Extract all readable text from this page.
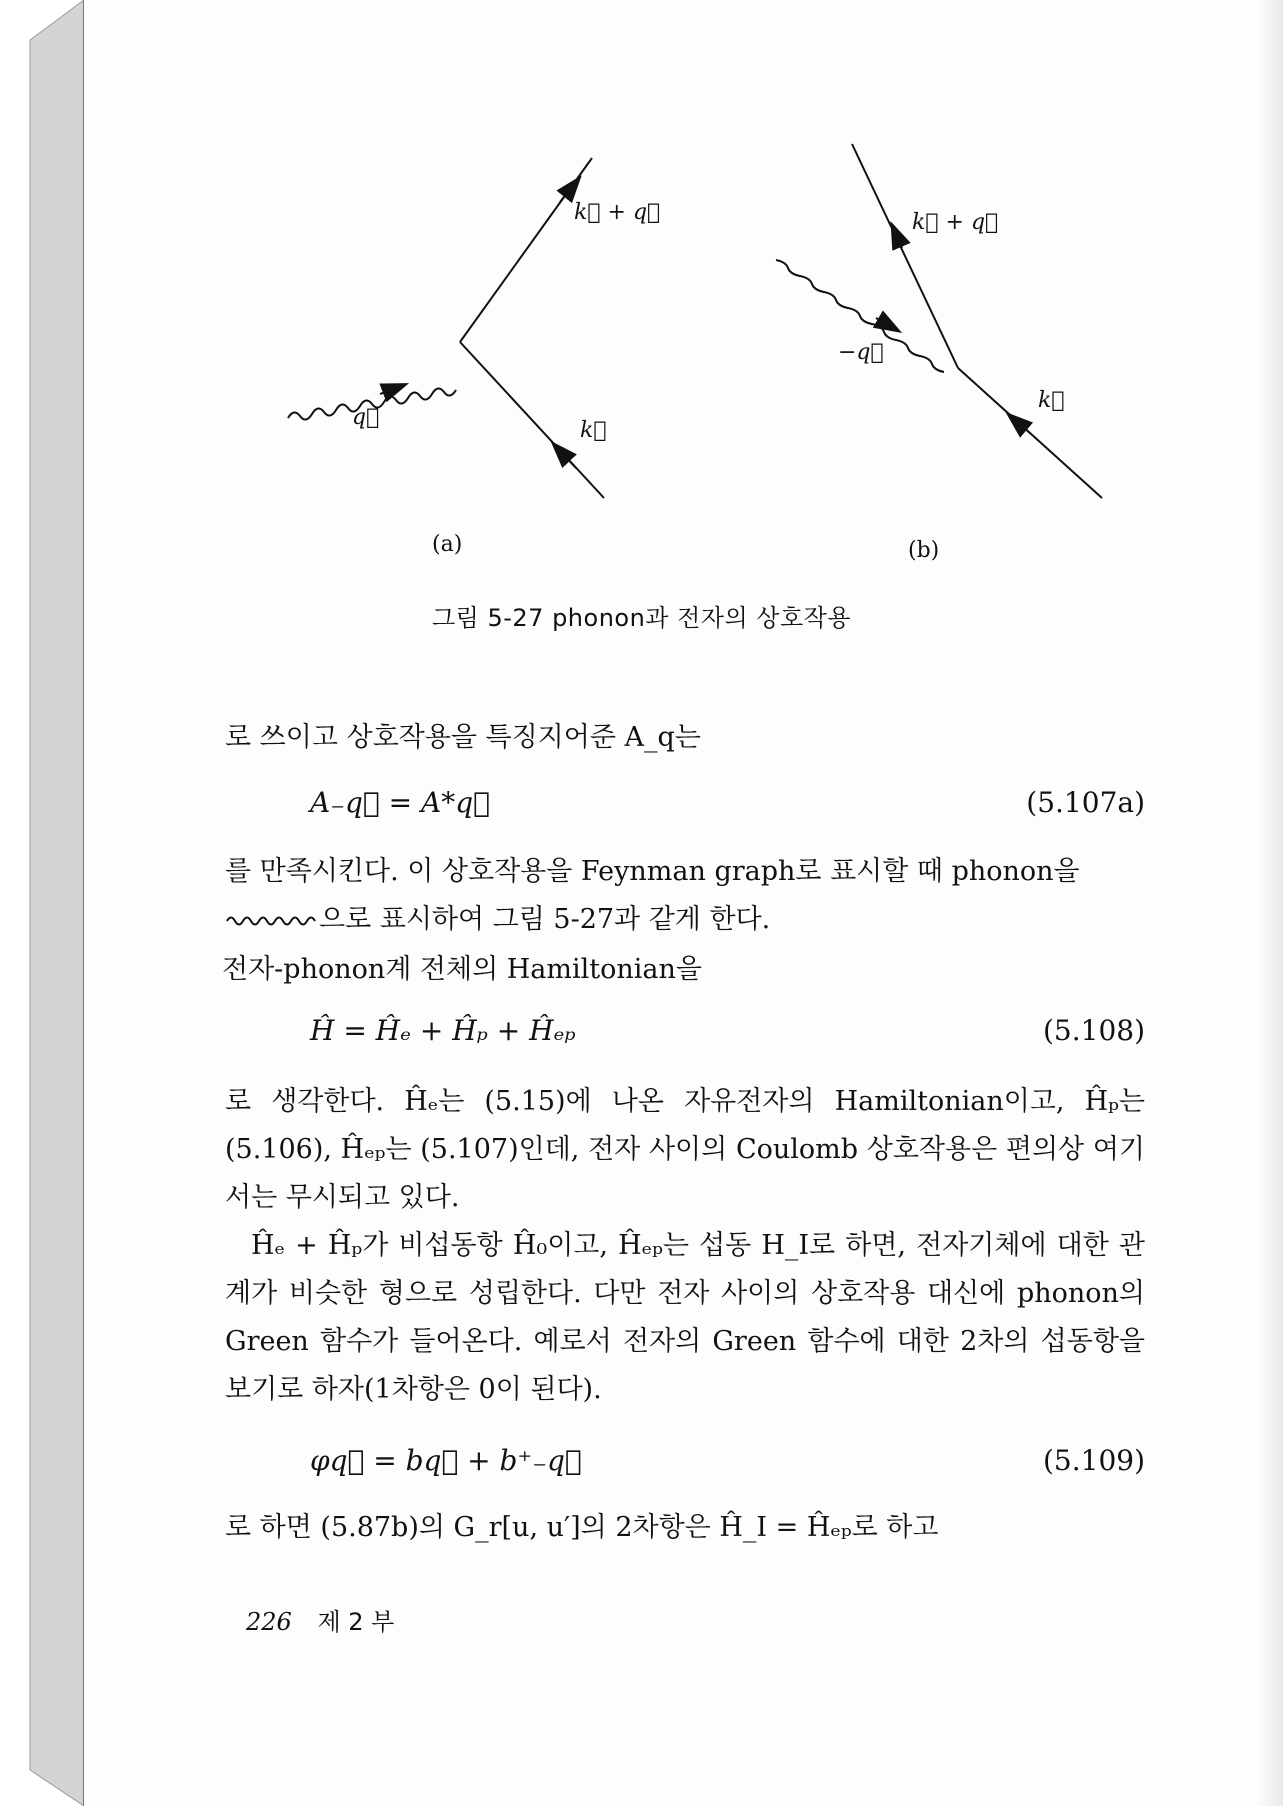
k⃗ + q⃗
q⃗
k⃗
(a)
k⃗ + q⃗
−q⃗
k⃗
(b)
그림 5-27 phonon과 전자의 상호작용
로 쓰이고 상호작용을 특징지어준 A_q는
A₋q⃗ = A*q⃗	(5.107a)
를 만족시킨다. 이 상호작용을 Feynman graph로 표시할 때 phonon을
으로 표시하여 그림 5-27과 같게 한다.
전자-phonon계 전체의 Hamiltonian을
Ĥ = Ĥₑ + Ĥₚ + Ĥₑₚ	(5.108)
로 생각한다. Ĥₑ는 (5.15)에 나온 자유전자의 Hamiltonian이고, Ĥₚ는 (5.106), Ĥₑₚ는 (5.107)인데, 전자 사이의 Coulomb 상호작용은 편의상 여기서는 무시되고 있다.
Ĥₑ + Ĥₚ가 비섭동항 Ĥ₀이고, Ĥₑₚ는 섭동 H_I로 하면, 전자기체에 대한 관계가 비슷한 형으로 성립한다. 다만 전자 사이의 상호작용 대신에 phonon의 Green 함수가 들어온다. 예로서 전자의 Green 함수에 대한 2차의 섭동항을 보기로 하자(1차항은 0이 된다).
φq⃗ = bq⃗ + b⁺₋q⃗	(5.109)
로 하면 (5.87b)의 G_r[u, u′]의 2차항은 Ĥ_I = Ĥₑₚ로 하고
226 제 2 부
